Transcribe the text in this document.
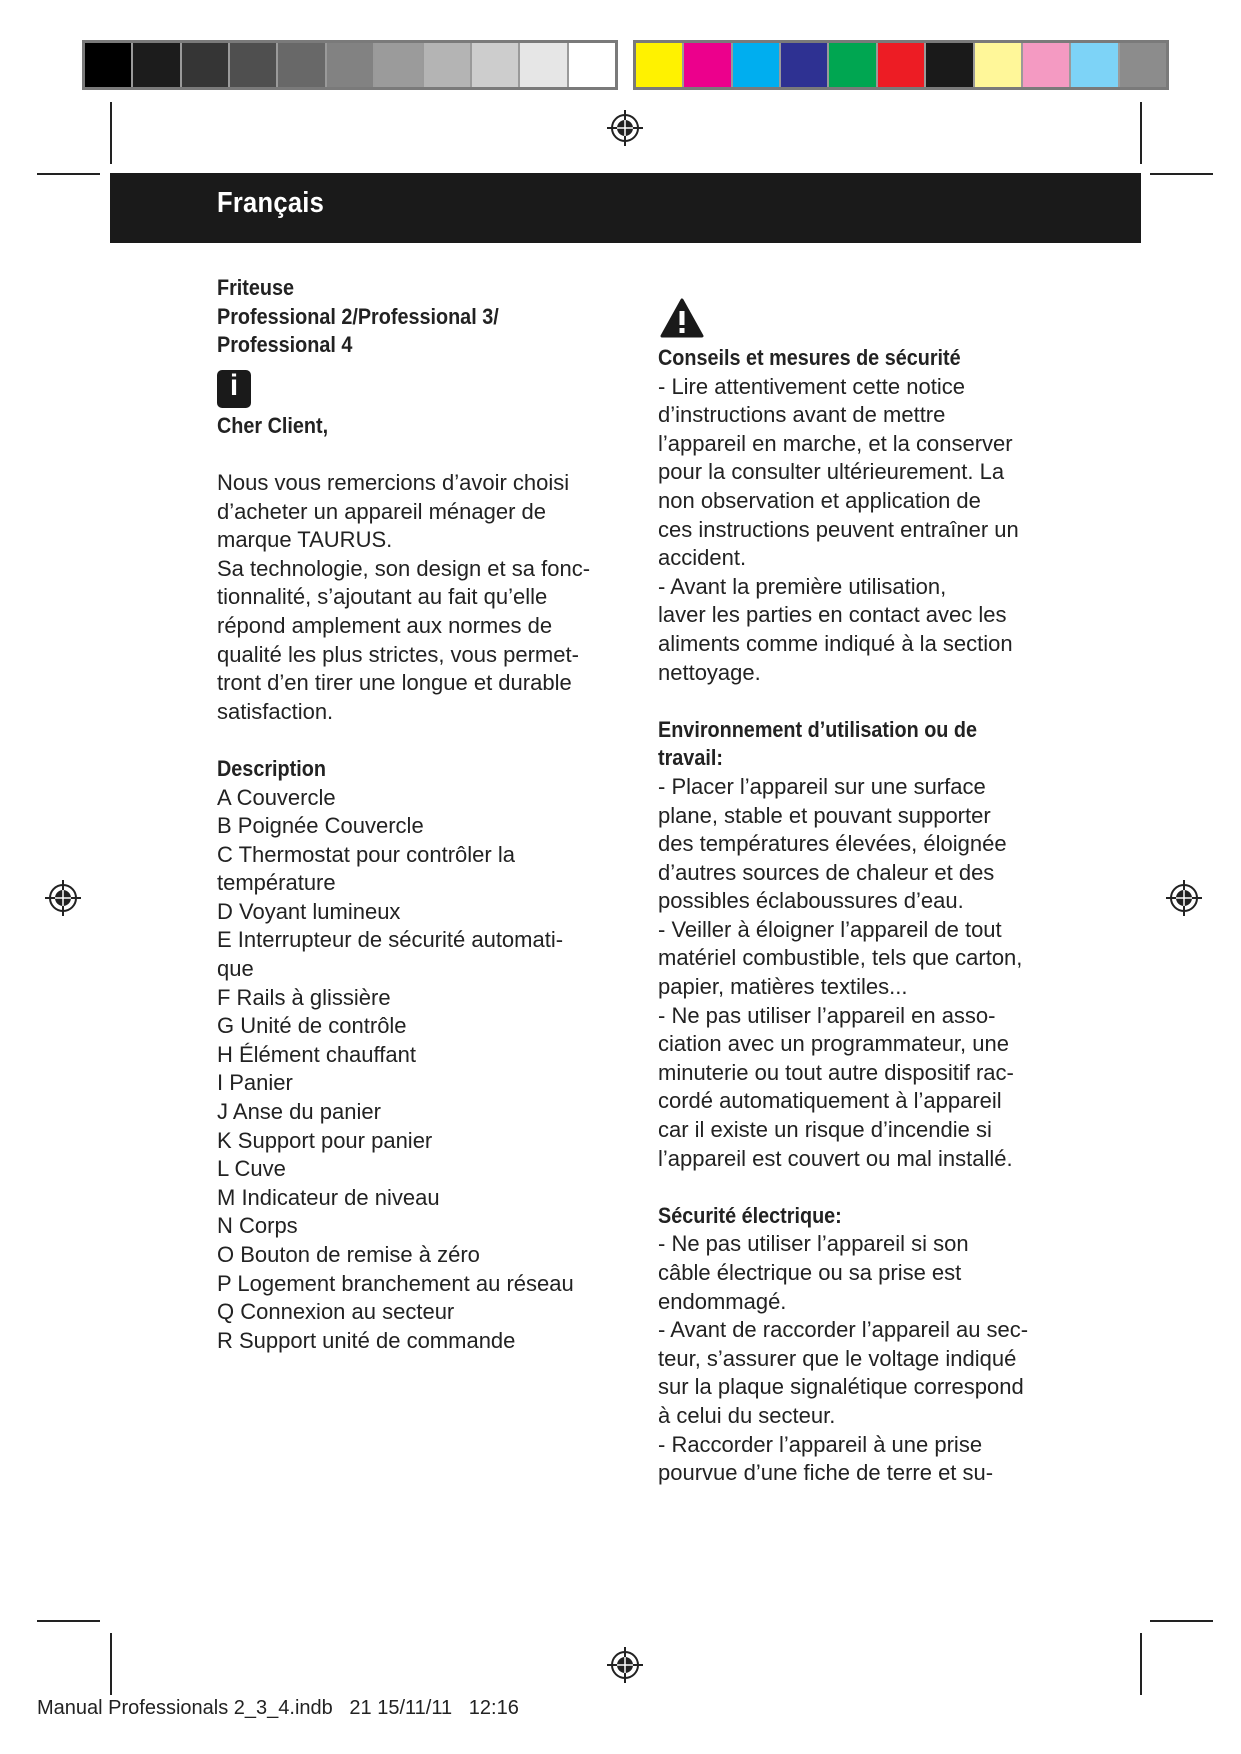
Français
Friteuse
Professional 2/Professional 3/
Professional 4
i
Cher Client,

Nous vous remercions d’avoir choisi

d’acheter un appareil ménager de

marque TAURUS.

Sa technologie, son design et sa fonc-

tionnalité, s’ajoutant au fait qu’elle

répond amplement aux normes de

qualité les plus strictes, vous permet-

tront d’en tirer une longue et durable

satisfaction.

Description

A Couvercle

B Poignée Couvercle

C Thermostat pour contrôler la

température

D Voyant lumineux

E Interrupteur de sécurité automati-

que

F Rails à glissière

G Unité de contrôle

H Élément chauffant

I Panier

J Anse du panier

K Support pour panier

L Cuve

M Indicateur de niveau

N Corps

O Bouton de remise à zéro

P Logement branchement au réseau

Q Connexion au secteur

R Support unité de commande

Conseils et mesures de sécurité

- Lire attentivement cette notice

d’instructions avant de mettre

l’appareil en marche, et la conserver

pour la consulter ultérieurement. La

non observation et application de

ces instructions peuvent entraîner un

accident.

- Avant la première utilisation,

laver les parties en contact avec les

aliments comme indiqué à la section

nettoyage.

Environnement d’utilisation ou de
travail:

- Placer l’appareil sur une surface

plane, stable et pouvant supporter

des températures élevées, éloignée

d’autres sources de chaleur et des

possibles éclaboussures d’eau.

- Veiller à éloigner l’appareil de tout

matériel combustible, tels que carton,

papier, matières textiles...

- Ne pas utiliser l’appareil en asso-

ciation avec un programmateur, une

minuterie ou tout autre dispositif rac-

cordé automatiquement à l’appareil

car il existe un risque d’incendie si

l’appareil est couvert ou mal installé.

Sécurité électrique:

- Ne pas utiliser l’appareil si son

câble électrique ou sa prise est

endommagé.

- Avant de raccorder l’appareil au sec-

teur, s’assurer que le voltage indiqué

sur la plaque signalétique correspond

à celui du secteur.

- Raccorder l’appareil à une prise

pourvue d’une fiche de terre et su-

Manual Professionals 2_3_4.indb   21 15/11/11   12:16
